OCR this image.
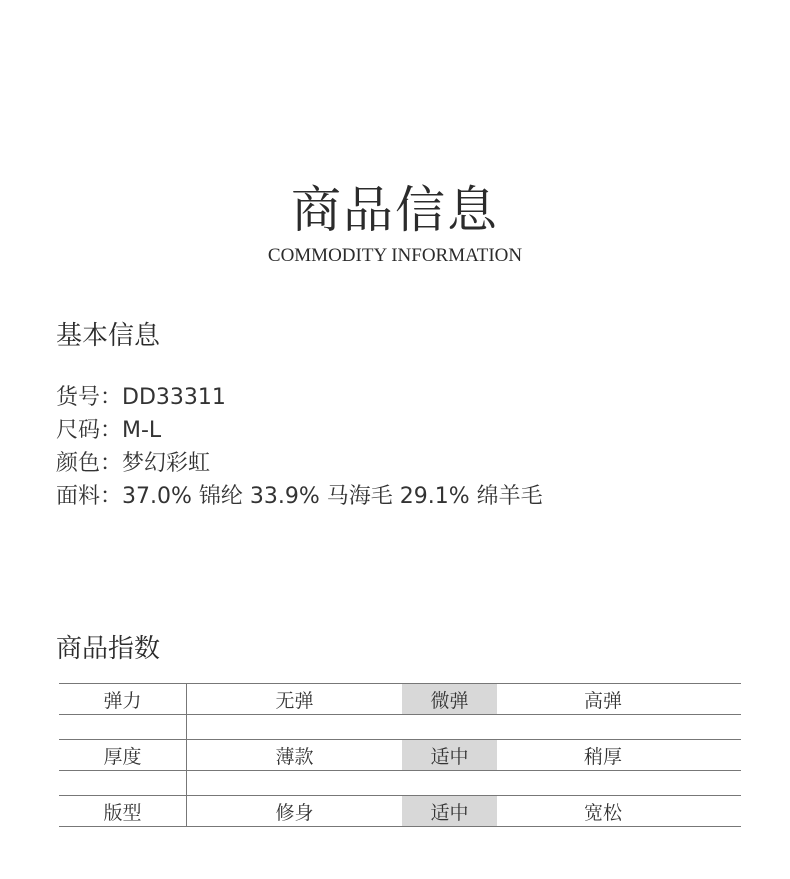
商品信息
COMMODITY INFORMATION
基本信息
货号：DD33311
尺码：M-L
颜色：梦幻彩虹
面料：37.0% 锦纶 33.9% 马海毛 29.1% 绵羊毛
商品指数
弹力	无弹	微弹	高弹	

厚度	薄款	适中	稍厚	

版型	修身	适中	宽松	
